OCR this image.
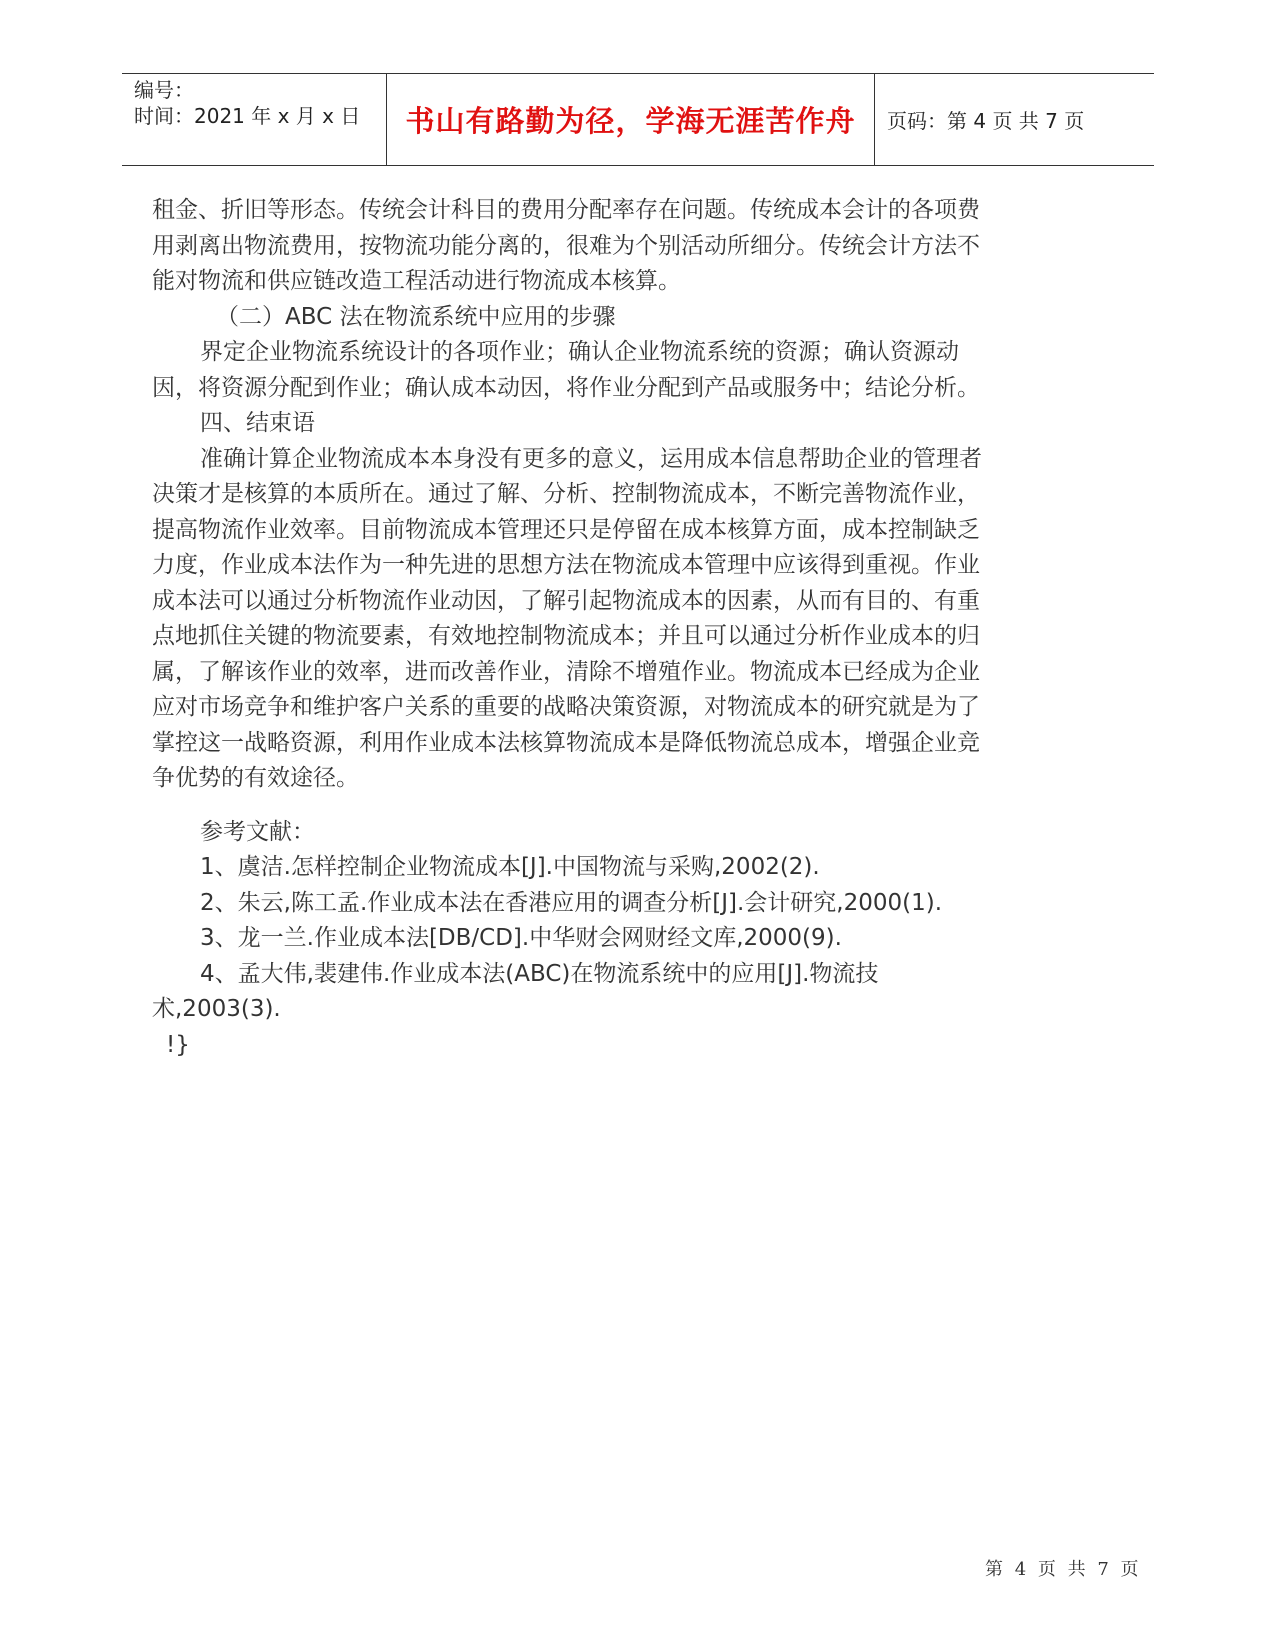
编号：
时间：2021 年 x 月 x 日	书山有路勤为径，学海无涯苦作舟 页码：第 4 页 共 7 页

租金、折旧等形态。传统会计科目的费用分配率存在问题。传统成本会计的各项费用剥离出物流费用，按物流功能分离的，很难为个别活动所细分。传统会计方法不能对物流和供应链改造工程活动进行物流成本核算。

（二）ABC 法在物流系统中应用的步骤

界定企业物流系统设计的各项作业；确认企业物流系统的资源；确认资源动因，将资源分配到作业；确认成本动因，将作业分配到产品或服务中；结论分析。

四、结束语

准确计算企业物流成本本身没有更多的意义，运用成本信息帮助企业的管理者决策才是核算的本质所在。通过了解、分析、控制物流成本，不断完善物流作业，提高物流作业效率。目前物流成本管理还只是停留在成本核算方面，成本控制缺乏力度，作业成本法作为一种先进的思想方法在物流成本管理中应该得到重视。作业成本法可以通过分析物流作业动因，了解引起物流成本的因素，从而有目的、有重点地抓住关键的物流要素，有效地控制物流成本；并且可以通过分析作业成本的归属，了解该作业的效率，进而改善作业，清除不增殖作业。物流成本已经成为企业应对市场竞争和维护客户关系的重要的战略决策资源，对物流成本的研究就是为了掌控这一战略资源，利用作业成本法核算物流成本是降低物流总成本，增强企业竞争优势的有效途径。

参考文献：

1、虞洁.怎样控制企业物流成本[J].中国物流与采购,2002(2).

2、朱云,陈工孟.作业成本法在香港应用的调查分析[J].会计研究,2000(1).

3、龙一兰.作业成本法[DB/CD].中华财会网财经文库,2000(9).

4、孟大伟,裴建伟.作业成本法(ABC)在物流系统中的应用[J].物流技术,2003(3).

!}

第 4 页 共 7 页
